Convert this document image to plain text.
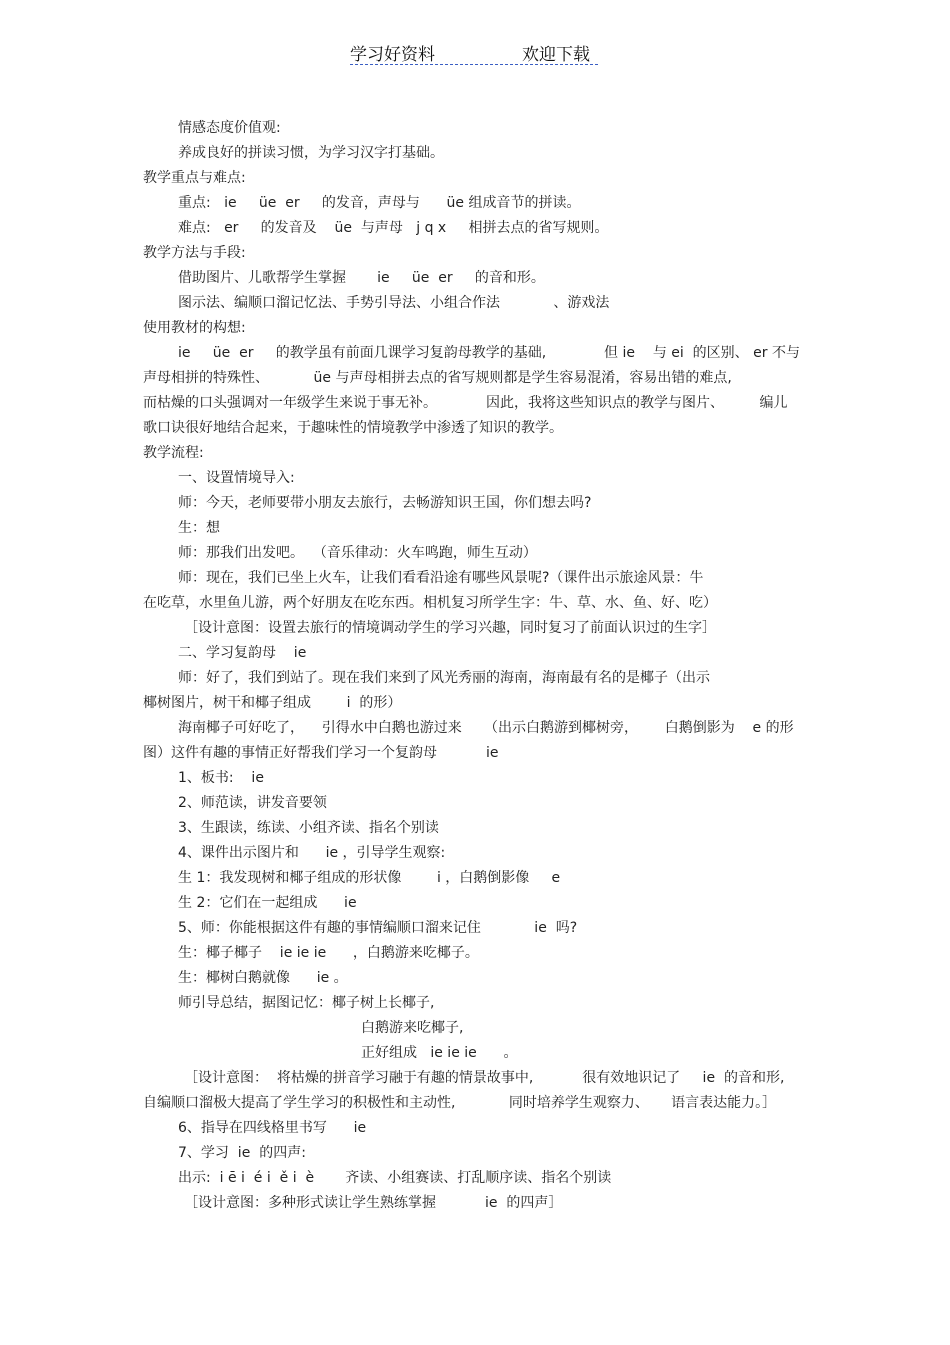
学习好资料	欢迎下载
情感态度价值观:
养成良好的拼读习惯，为学习汉字打基础。
教学重点与难点:
重点:   ie     üe  er     的发音，声母与      üe 组成音节的拼读。
难点:   er     的发音及    üe  与声母   j q x     相拼去点的省写规则。
教学方法与手段:
借助图片、儿歌帮学生掌握       ie     üe  er     的音和形。
图示法、编顺口溜记忆法、手势引导法、小组合作法            、游戏法
使用教材的构想:
ie     üe  er     的教学虽有前面几课学习复韵母教学的基础,             但 ie    与 ei  的区别、 er 不与
声母相拼的特殊性、          üe 与声母相拼去点的省写规则都是学生容易混淆，容易出错的难点,
而枯燥的口头强调对一年级学生来说于事无补。           因此，我将这些知识点的教学与图片、        编儿
歌口诀很好地结合起来，于趣味性的情境教学中渗透了知识的教学。
教学流程:
一、设置情境导入:
师：今天，老师要带小朋友去旅行，去畅游知识王国，你们想去吗?
生：想
师：那我们出发吧。  （音乐律动：火车鸣跑，师生互动）
师：现在，我们已坐上火车，让我们看看沿途有哪些风景呢?（课件出示旅途风景：牛
在吃草，水里鱼儿游，两个好朋友在吃东西。相机复习所学生字：牛、草、水、鱼、好、吃）
［设计意图：设置去旅行的情境调动学生的学习兴趣，同时复习了前面认识过的生字］
二、学习复韵母    ie
师：好了，我们到站了。现在我们来到了风光秀丽的海南，海南最有名的是椰子（出示
椰树图片，树干和椰子组成        i  的形）
海南椰子可好吃了，    引得水中白鹅也游过来     （出示白鹅游到椰树旁，      白鹅倒影为    e 的形
图）这件有趣的事情正好帮我们学习一个复韵母           ie
1、板书:    ie
2、师范读，讲发音要领
3、生跟读，练读、小组齐读、指名个别读
4、课件出示图片和      ie ，引导学生观察:
生 1：我发现树和椰子组成的形状像        i ，白鹅倒影像     e
生 2：它们在一起组成      ie
5、师：你能根据这件有趣的事情编顺口溜来记住            ie  吗?
生：椰子椰子    ie ie ie      ，白鹅游来吃椰子。
生：椰树白鹅就像      ie 。
师引导总结，据图记忆：椰子树上长椰子,
白鹅游来吃椰子,
正好组成   ie ie ie      。
［设计意图：  将枯燥的拼音学习融于有趣的情景故事中,           很有效地识记了     ie  的音和形,
自编顺口溜极大提高了学生学习的积极性和主动性,            同时培养学生观察力、     语言表达能力。］
6、指导在四线格里书写      ie
7、学习  ie  的四声:
出示:  i ē i  é i  ě i  è       齐读、小组赛读、打乱顺序读、指名个别读
［设计意图：多种形式读让学生熟练掌握           ie  的四声］
